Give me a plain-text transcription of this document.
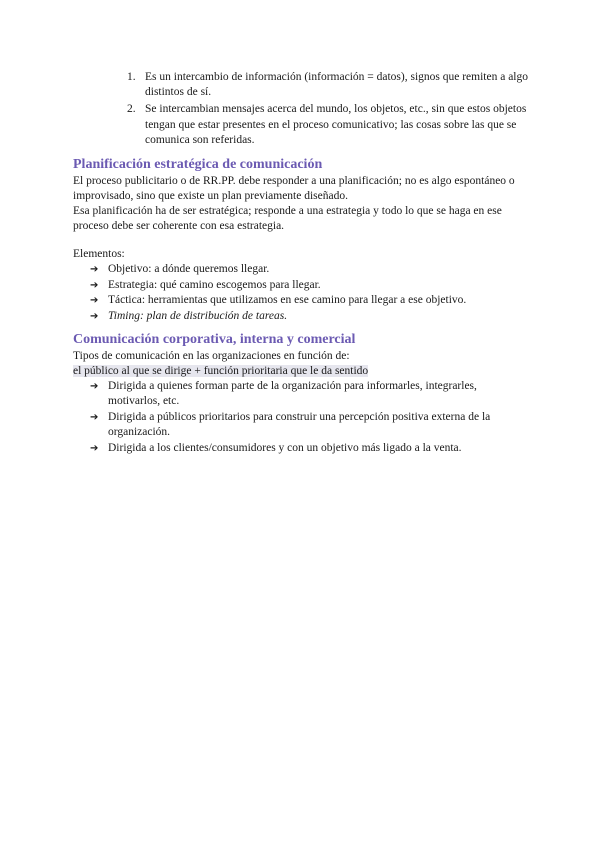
1. Es un intercambio de información (información = datos), signos que remiten a algo distintos de sí.
2. Se intercambian mensajes acerca del mundo, los objetos, etc., sin que estos objetos tengan que estar presentes en el proceso comunicativo; las cosas sobre las que se comunica son referidas.
Planificación estratégica de comunicación

El proceso publicitario o de RR.PP. debe responder a una planificación; no es algo espontáneo o improvisado, sino que existe un plan previamente diseñado.

Esa planificación ha de ser estratégica; responde a una estrategia y todo lo que se haga en ese proceso debe ser coherente con esa estrategia.

Elementos:

➔ Objetivo: a dónde queremos llegar.
➔ Estrategia: qué camino escogemos para llegar.
➔ Táctica: herramientas que utilizamos en ese camino para llegar a ese objetivo.
➔ Timing: plan de distribución de tareas.
Comunicación corporativa, interna y comercial

Tipos de comunicación en las organizaciones en función de:

el público al que se dirige + función prioritaria que le da sentido

➔ Dirigida a quienes forman parte de la organización para informarles, integrarles, motivarlos, etc.
➔ Dirigida a públicos prioritarios para construir una percepción positiva externa de la organización.
➔ Dirigida a los clientes/consumidores y con un objetivo más ligado a la venta.
